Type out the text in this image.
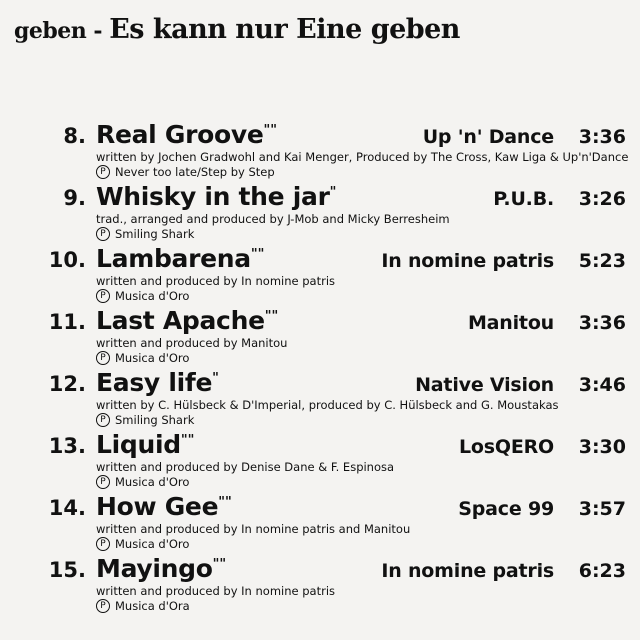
geben - Es kann nur Eine geben
8. Real Groove ""	Up 'n' Dance	3:36
written by Jochen Gradwohl and Kai Menger, Produced by The Cross, Kaw Liga & Up'n'Dance
P Never too late/Step by Step
9. Whisky in the jar "	P.U.B.	3:26
trad., arranged and produced by J-Mob and Micky Berresheim
P Smiling Shark
10. Lambarena ""	In nomine patris	5:23
written and produced by In nomine patris
P Musica d'Oro
11. Last Apache ""	Manitou	3:36
written and produced by Manitou
P Musica d'Oro
12. Easy life "	Native Vision	3:46
written by C. Hülsbeck & D'Imperial, produced by C. Hülsbeck and G. Moustakas
P Smiling Shark
13. Liquid ""	LosQERO	3:30
written and produced by Denise Dane & F. Espinosa
P Musica d'Oro
14. How Gee ""	Space 99	3:57
written and produced by In nomine patris and Manitou
P Musica d'Oro
15. Mayingo ""	In nomine patris	6:23
written and produced by In nomine patris
P Musica d'Ora
